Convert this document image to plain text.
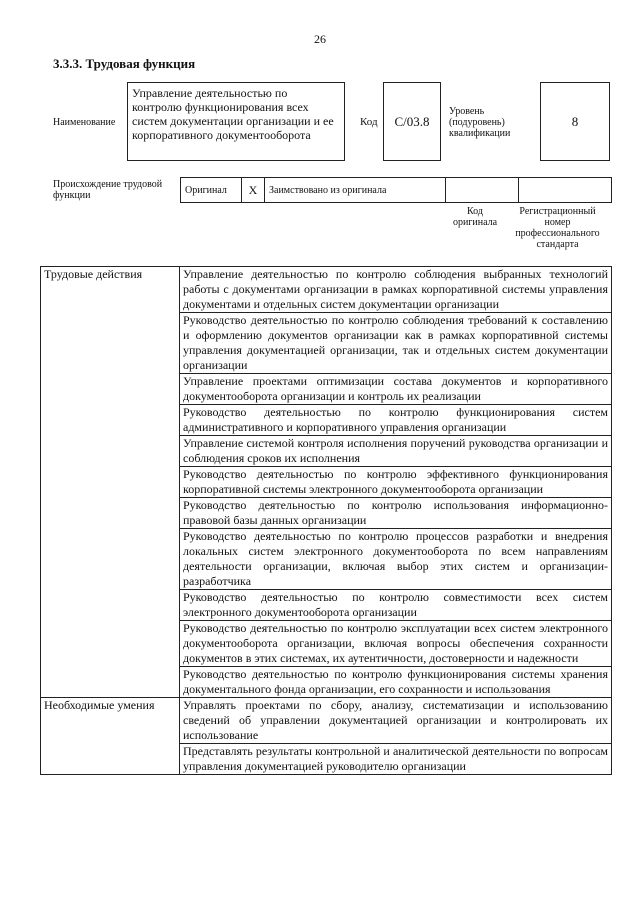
26
3.3.3. Трудовая функция
Наименование
Управление деятельностью по контролю функционирования всех систем документации организации и ее корпоративного документооборота
Код	C/03.8
Уровень (подуровень) квалификации
8
Происхождение трудовой функции	Оригинал	X	Заимствовано из оригинала		
Код оригинала
Регистрационный номер профессионального стандарта
Трудовые действия	Управление деятельностью по контролю соблюдения выбранных технологий работы с документами организации в рамках корпоративной системы управления документами и отдельных систем документации организации
	Руководство деятельностью по контролю соблюдения требований к составлению и оформлению документов организации как в рамках корпоративной системы управления документацией организации, так и отдельных систем документации организации
	Управление проектами оптимизации состава документов и корпоративного документооборота организации и контроль их реализации
	Руководство деятельностью по контролю функционирования систем административного и корпоративного управления организации
	Управление системой контроля исполнения поручений руководства организации и соблюдения сроков их исполнения
	Руководство деятельностью по контролю эффективного функционирования корпоративной системы электронного документооборота организации
	Руководство деятельностью по контролю использования информационно-правовой базы данных организации
	Руководство деятельностью по контролю процессов разработки и внедрения локальных систем электронного документооборота по всем направлениям деятельности организации, включая выбор этих систем и организации-разработчика
	Руководство деятельностью по контролю совместимости всех систем электронного документооборота организации
	Руководство деятельностью по контролю эксплуатации всех систем электронного документооборота организации, включая вопросы обеспечения сохранности документов в этих системах, их аутентичности, достоверности и надежности
	Руководство деятельностью по контролю функционирования системы хранения документального фонда организации, его сохранности и использования
Необходимые умения	Управлять проектами по сбору, анализу, систематизации и использованию сведений об управлении документацией организации и контролировать их использование
	Представлять результаты контрольной и аналитической деятельности по вопросам управления документацией руководителю организации
